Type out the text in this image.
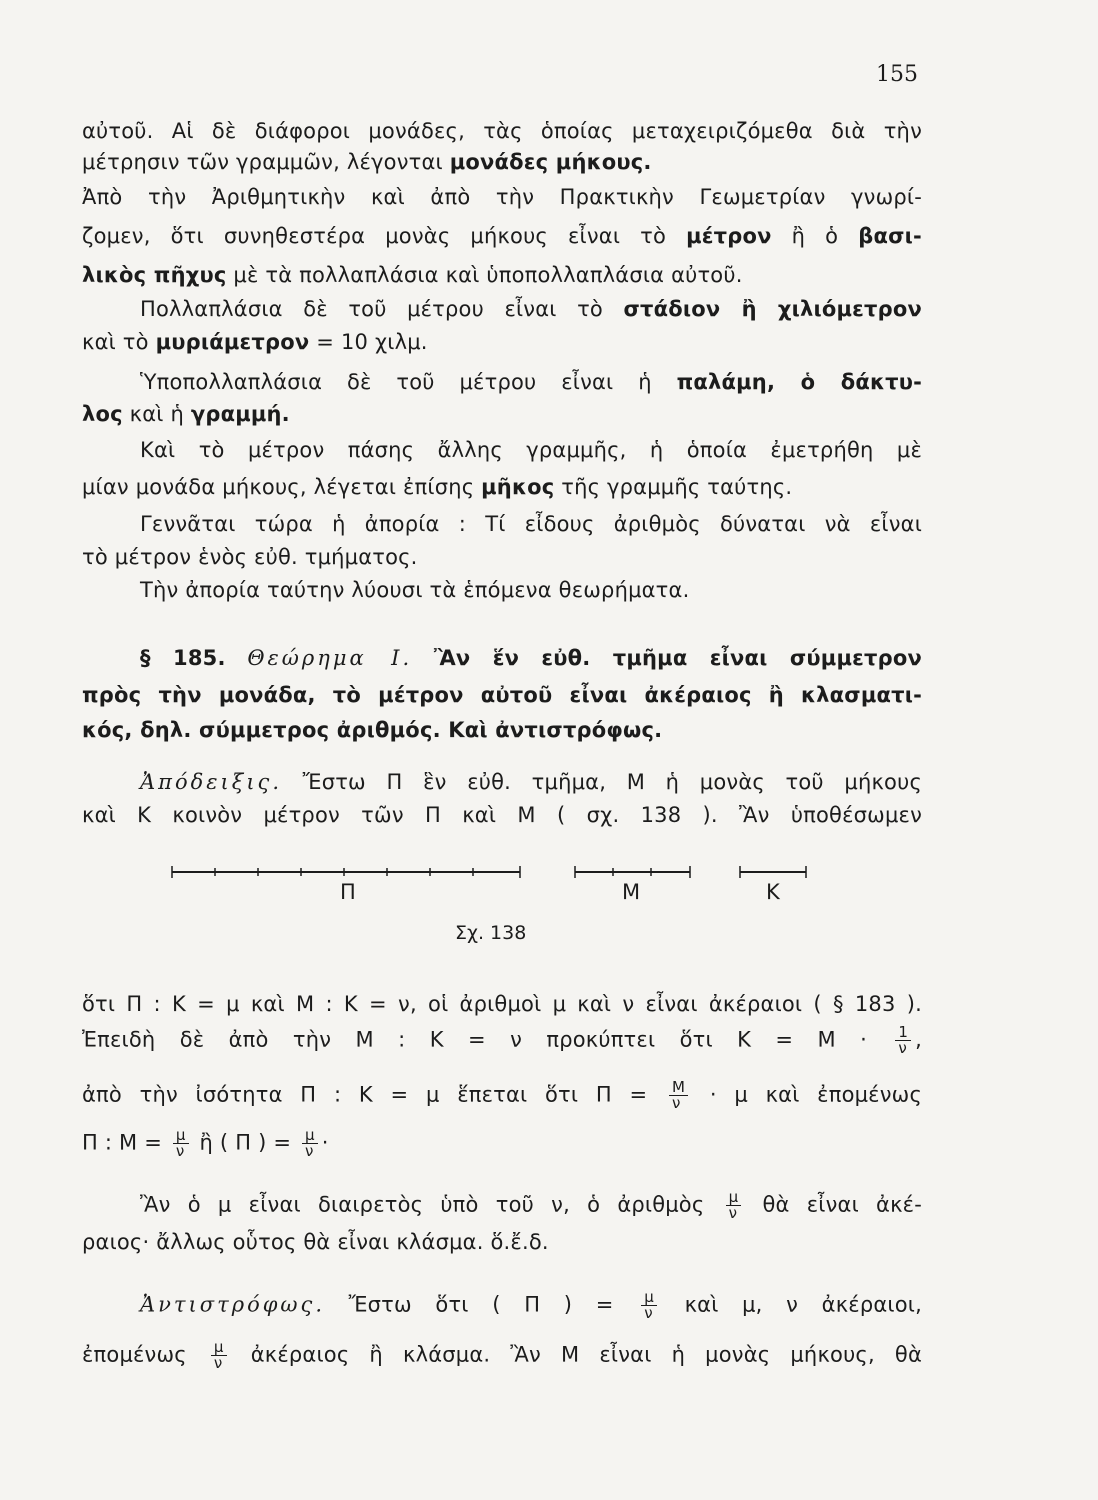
155
αὐτοῦ. Αἱ δὲ διάφοροι μονάδες, τὰς ὁποίας μεταχειριζόμεθα διὰ τὴν
μέτρησιν τῶν γραμμῶν, λέγονται μονάδες μήκους.
Ἀπὸ τὴν Ἀριθμητικὴν καὶ ἀπὸ τὴν Πρακτικὴν Γεωμετρίαν γνωρί-
ζομεν, ὅτι συνηθεστέρα μονὰς μήκους εἶναι τὸ μέτρον ἢ ὁ βασι-
λικὸς πῆχυς μὲ τὰ πολλαπλάσια καὶ ὑποπολλαπλάσια αὐτοῦ.
Πολλαπλάσια δὲ τοῦ μέτρου εἶναι τὸ στάδιον ἢ χιλιόμετρον
καὶ τὸ μυριάμετρον = 10 χιλμ.
Ὑποπολλαπλάσια δὲ τοῦ μέτρου εἶναι ἡ παλάμη, ὁ δάκτυ-
λος καὶ ἡ γραμμή.
Καὶ τὸ μέτρον πάσης ἄλλης γραμμῆς, ἡ ὁποία ἐμετρήθη μὲ
μίαν μονάδα μήκους, λέγεται ἐπίσης μῆκος τῆς γραμμῆς ταύτης.
Γεννᾶται τώρα ἡ ἀπορία : Τί εἶδους ἀριθμὸς δύναται νὰ εἶναι
τὸ μέτρον ἑνὸς εὐθ. τμήματος.
Τὴν ἀπορία ταύτην λύουσι τὰ ἑπόμενα θεωρήματα.
§ 185. Θεώρημα Ι. Ἂν ἕν εὐθ. τμῆμα εἶναι σύμμετρον
πρὸς τὴν μονάδα, τὸ μέτρον αὐτοῦ εἶναι ἀκέραιος ἢ κλασματι-
κός, δηλ. σύμμετρος ἀριθμός. Καὶ ἀντιστρόφως.
Ἀπόδειξις. Ἔστω Π ἓν εὐθ. τμῆμα, Μ ἡ μονὰς τοῦ μήκους
καὶ Κ κοινὸν μέτρον τῶν Π καὶ Μ ( σχ. 138 ). Ἂν ὑποθέσωμεν
Π	Μ	Κ
Σχ. 138
ὅτι Π : Κ = μ καὶ Μ : Κ = ν, οἱ ἀριθμοὶ μ καὶ ν εἶναι ἀκέραιοι ( § 183 ).
Ἐπειδὴ δὲ ἀπὸ τὴν Μ : Κ = ν προκύπτει ὅτι $K = M \cdot \frac{1}{\nu}$ ,
ἀπὸ τὴν ἰσότητα Π : Κ = μ ἕπεται ὅτι $\Pi = \frac{M}{\nu} \cdot \mu$ καὶ ἐπομένως
Π : $M = \frac{\mu}{\nu}$ ἢ ( Π ) = $\frac{\mu}{\nu}$ ·
Ἂν ὁ μ εἶναι διαιρετὸς ὑπὸ τοῦ ν, ὁ ἀριθμὸς $\frac{\mu}{\nu}$ θὰ εἶναι ἀκέ-
ραιος· ἄλλως οὗτος θὰ εἶναι κλάσμα. ὅ.ἔ.δ.
Ἀντιστρόφως. Ἔστω ὅτι ( Π ) = $\frac{\mu}{\nu}$ καὶ μ, ν ἀκέραιοι,
ἐπομένως $\frac{\mu}{\nu}$ ἀκέραιος ἢ κλάσμα. Ἂν Μ εἶναι ἡ μονὰς μήκους, θὰ
